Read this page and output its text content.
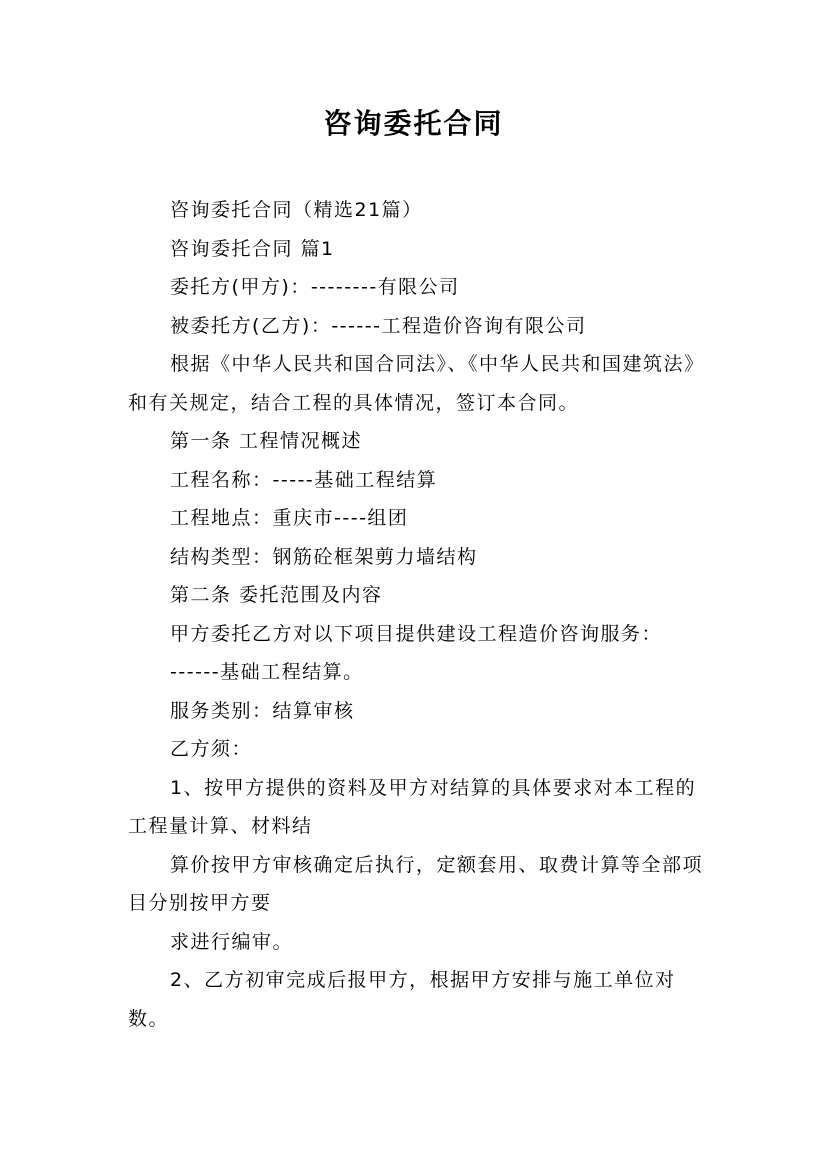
咨询委托合同

咨询委托合同（精选21篇）

咨询委托合同 篇1

委托方(甲方)：--------有限公司

被委托方(乙方)：------工程造价咨询有限公司

根据《中华人民共和国合同法》、《中华人民共和国建筑法》和有关规定，结合工程的具体情况，签订本合同。

第一条 工程情况概述

工程名称：-----基础工程结算

工程地点：重庆市----组团

结构类型：钢筋砼框架剪力墙结构

第二条 委托范围及内容

甲方委托乙方对以下项目提供建设工程造价咨询服务：

------基础工程结算。

服务类别：结算审核

乙方须：

1、按甲方提供的资料及甲方对结算的具体要求对本工程的工程量计算、材料结

算价按甲方审核确定后执行，定额套用、取费计算等全部项目分别按甲方要

求进行编审。

2、乙方初审完成后报甲方，根据甲方安排与施工单位对数。
